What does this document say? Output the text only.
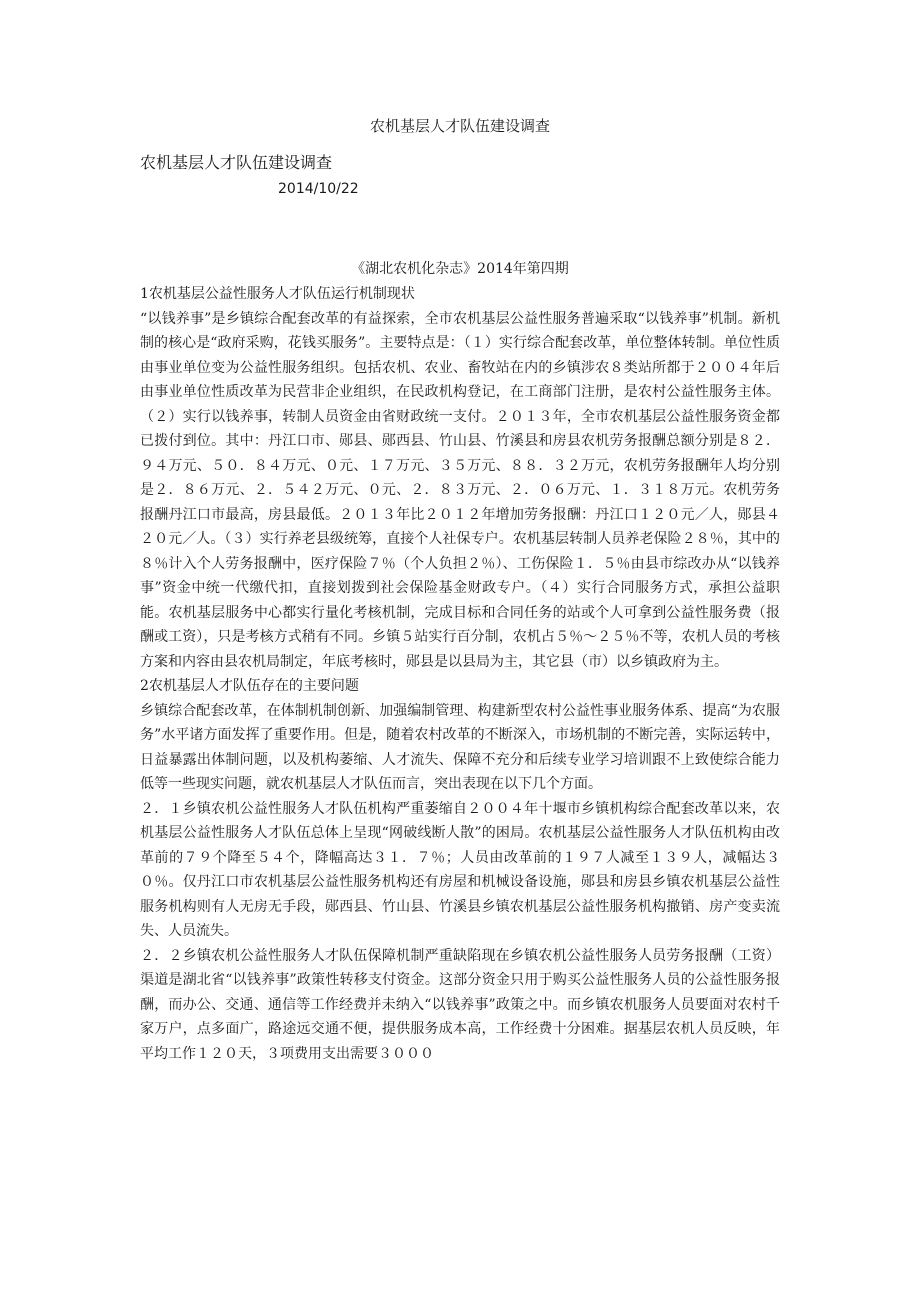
农机基层人才队伍建设调查
农机基层人才队伍建设调查
2014/10/22
《湖北农机化杂志》2014年第四期

1农机基层公益性服务人才队伍运行机制现状

“以钱养事”是乡镇综合配套改革的有益探索，全市农机基层公益性服务普遍采取“以钱养事”机制。新机制的核心是“政府采购，花钱买服务”。主要特点是：（１）实行综合配套改革，单位整体转制。单位性质由事业单位变为公益性服务组织。包括农机、农业、畜牧站在内的乡镇涉农８类站所都于２００４年后由事业单位性质改革为民营非企业组织，在民政机构登记，在工商部门注册，是农村公益性服务主体。（２）实行以钱养事，转制人员资金由省财政统一支付。２０１３年，全市农机基层公益性服务资金都已拨付到位。其中：丹江口市、郧县、郧西县、竹山县、竹溪县和房县农机劳务报酬总额分别是８２．９４万元、５０．８４万元、０元、１７万元、３５万元、８８．３２万元，农机劳务报酬年人均分别是２．８６万元、２．５４２万元、０元、２．８３万元、２．０６万元、１．３１８万元。农机劳务报酬丹江口市最高，房县最低。２０１３年比２０１２年增加劳务报酬：丹江口１２０元／人，郧县４２０元／人。（３）实行养老县级统筹，直接个人社保专户。农机基层转制人员养老保险２８％，其中的８％计入个人劳务报酬中，医疗保险７％（个人负担２％）、工伤保险１．５％由县市综改办从“以钱养事”资金中统一代缴代扣，直接划拨到社会保险基金财政专户。（４）实行合同服务方式，承担公益职能。农机基层服务中心都实行量化考核机制，完成目标和合同任务的站或个人可拿到公益性服务费（报酬或工资），只是考核方式稍有不同。乡镇５站实行百分制，农机占５％～２５％不等，农机人员的考核方案和内容由县农机局制定，年底考核时，郧县是以县局为主，其它县（市）以乡镇政府为主。

2农机基层人才队伍存在的主要问题

乡镇综合配套改革，在体制机制创新、加强编制管理、构建新型农村公益性事业服务体系、提高“为农服务”水平诸方面发挥了重要作用。但是，随着农村改革的不断深入，市场机制的不断完善，实际运转中，日益暴露出体制问题，以及机构萎缩、人才流失、保障不充分和后续专业学习培训跟不上致使综合能力低等一些现实问题，就农机基层人才队伍而言，突出表现在以下几个方面。

２．１乡镇农机公益性服务人才队伍机构严重萎缩自２００４年十堰市乡镇机构综合配套改革以来，农机基层公益性服务人才队伍总体上呈现“网破线断人散”的困局。农机基层公益性服务人才队伍机构由改革前的７９个降至５４个，降幅高达３１．７％；人员由改革前的１９７人减至１３９人，减幅达３０％。仅丹江口市农机基层公益性服务机构还有房屋和机械设备设施，郧县和房县乡镇农机基层公益性服务机构则有人无房无手段，郧西县、竹山县、竹溪县乡镇农机基层公益性服务机构撤销、房产变卖流失、人员流失。

２．２乡镇农机公益性服务人才队伍保障机制严重缺陷现在乡镇农机公益性服务人员劳务报酬（工资）渠道是湖北省“以钱养事”政策性转移支付资金。这部分资金只用于购买公益性服务人员的公益性服务报酬，而办公、交通、通信等工作经费并未纳入“以钱养事”政策之中。而乡镇农机服务人员要面对农村千家万户，点多面广，路途远交通不便，提供服务成本高，工作经费十分困难。据基层农机人员反映，年平均工作１２０天，３项费用支出需要３０００
